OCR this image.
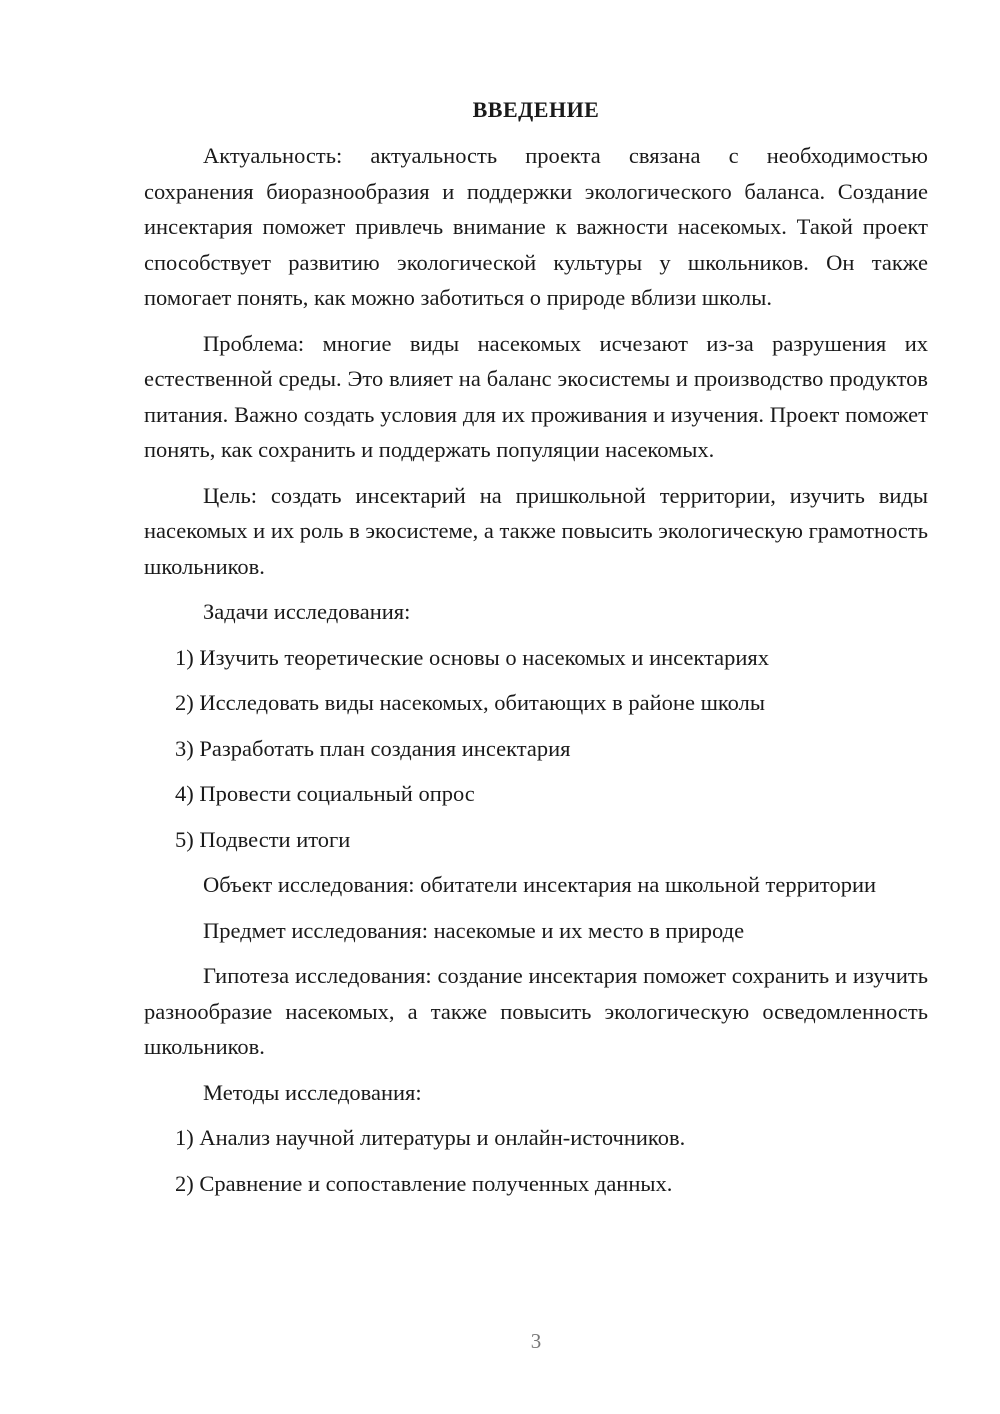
ВВЕДЕНИЕ

Актуальность: актуальность проекта связана с необходимостью сохранения биоразнообразия и поддержки экологического баланса. Создание инсектария поможет привлечь внимание к важности насекомых. Такой проект способствует развитию экологической культуры у школьников. Он также помогает понять, как можно заботиться о природе вблизи школы.

Проблема: многие виды насекомых исчезают из-за разрушения их естественной среды. Это влияет на баланс экосистемы и производство продуктов питания. Важно создать условия для их проживания и изучения. Проект поможет понять, как сохранить и поддержать популяции насекомых.

Цель: создать инсектарий на пришкольной территории, изучить виды насекомых и их роль в экосистеме, а также повысить экологическую грамотность школьников.

Задачи исследования:
1) Изучить теоретические основы о насекомых и инсектариях
2) Исследовать виды насекомых, обитающих в районе школы
3) Разработать план создания инсектария
4) Провести социальный опрос
5) Подвести итоги

Объект исследования: обитатели инсектария на школьной территории

Предмет исследования: насекомые и их место в природе

Гипотеза исследования: создание инсектария поможет сохранить и изучить разнообразие насекомых, а также повысить экологическую осведомленность школьников.

Методы исследования:
1) Анализ научной литературы и онлайн-источников.
2) Сравнение и сопоставление полученных данных.
3
